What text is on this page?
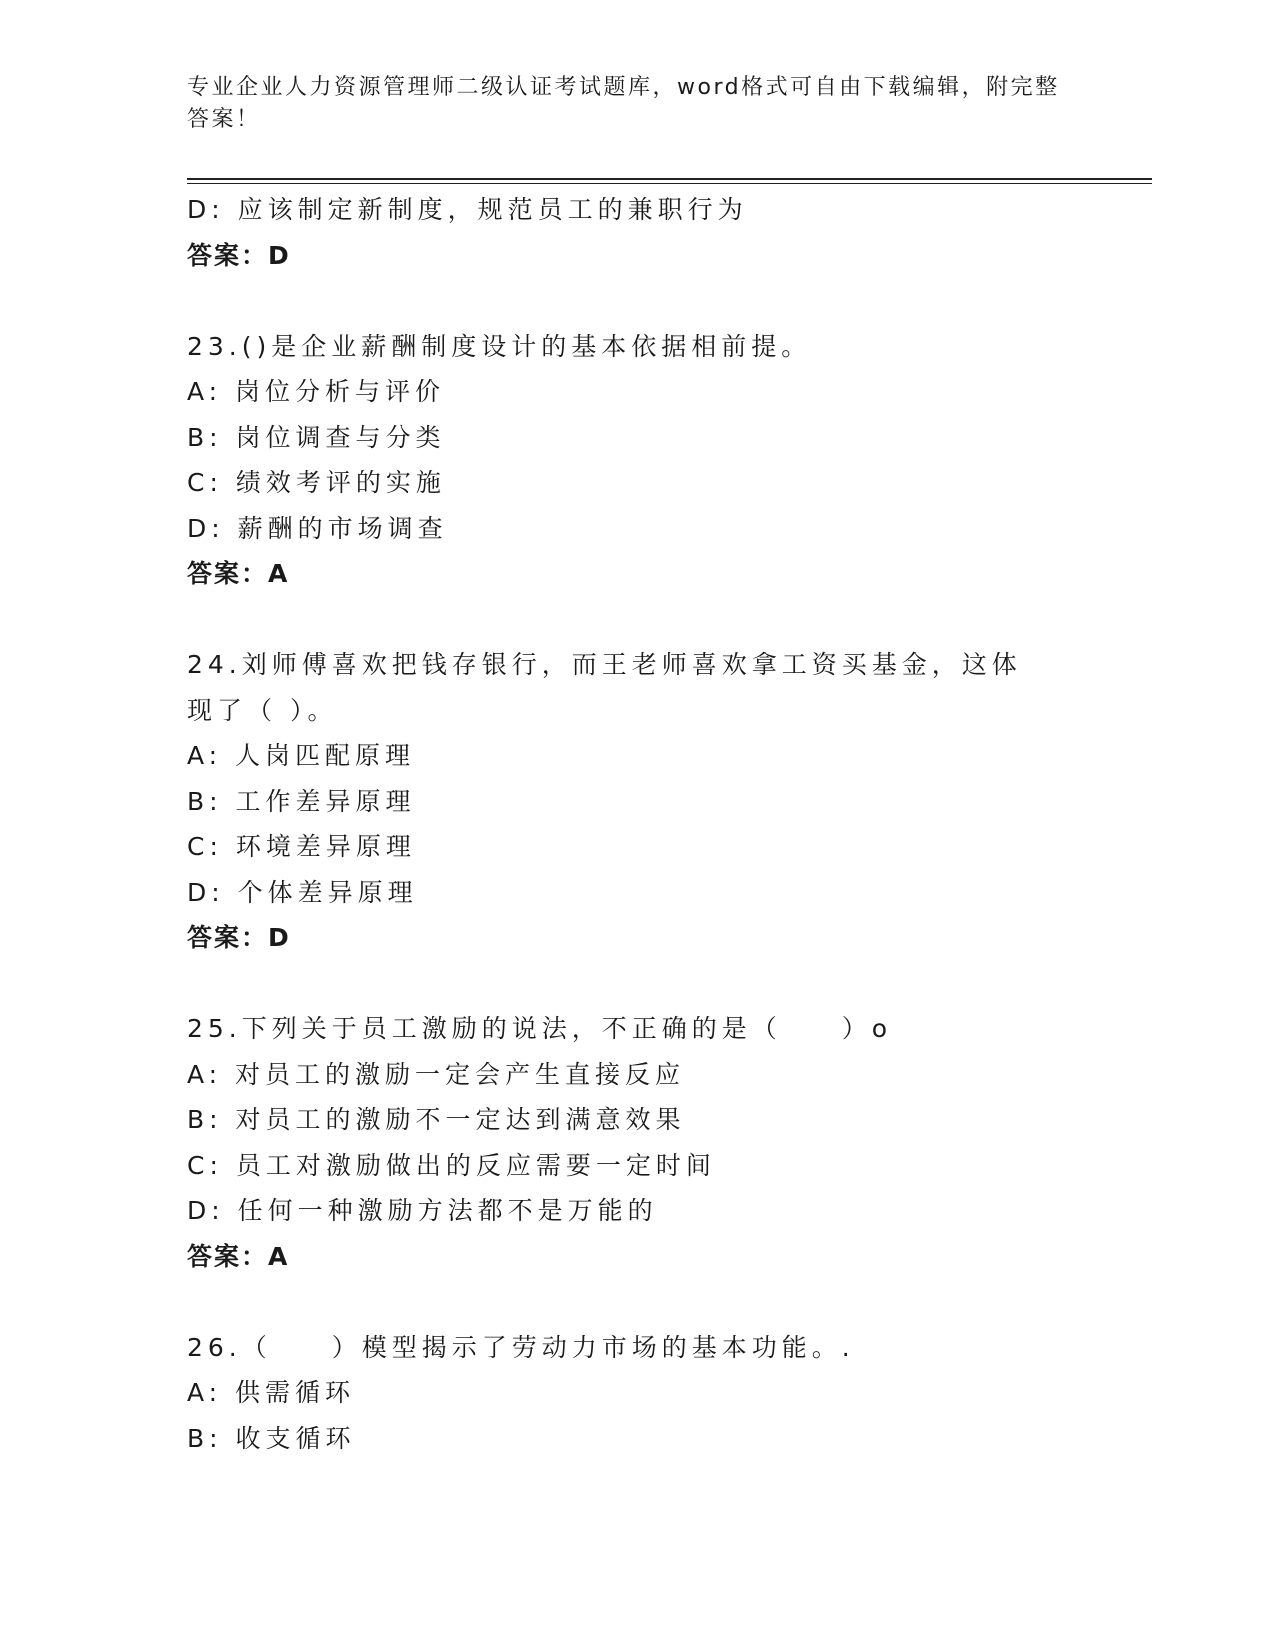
专业企业人力资源管理师二级认证考试题库，word格式可自由下载编辑，附完整答案！
D: 应该制定新制度，规范员工的兼职行为
答案：D
23.()是企业薪酬制度设计的基本依据相前提。
A: 岗位分析与评价
B: 岗位调查与分类
C: 绩效考评的实施
D: 薪酬的市场调查
答案：A
24.刘师傅喜欢把钱存银行，而王老师喜欢拿工资买基金，这体现了（ ）。
A: 人岗匹配原理
B: 工作差异原理
C: 环境差异原理
D: 个体差异原理
答案：D
25.下列关于员工激励的说法，不正确的是（　　）o
A: 对员工的激励一定会产生直接反应
B: 对员工的激励不一定达到满意效果
C: 员工对激励做出的反应需要一定时间
D: 任何一种激励方法都不是万能的
答案：A
26.（　　）模型揭示了劳动力市场的基本功能。.
A: 供需循环
B: 收支循环
